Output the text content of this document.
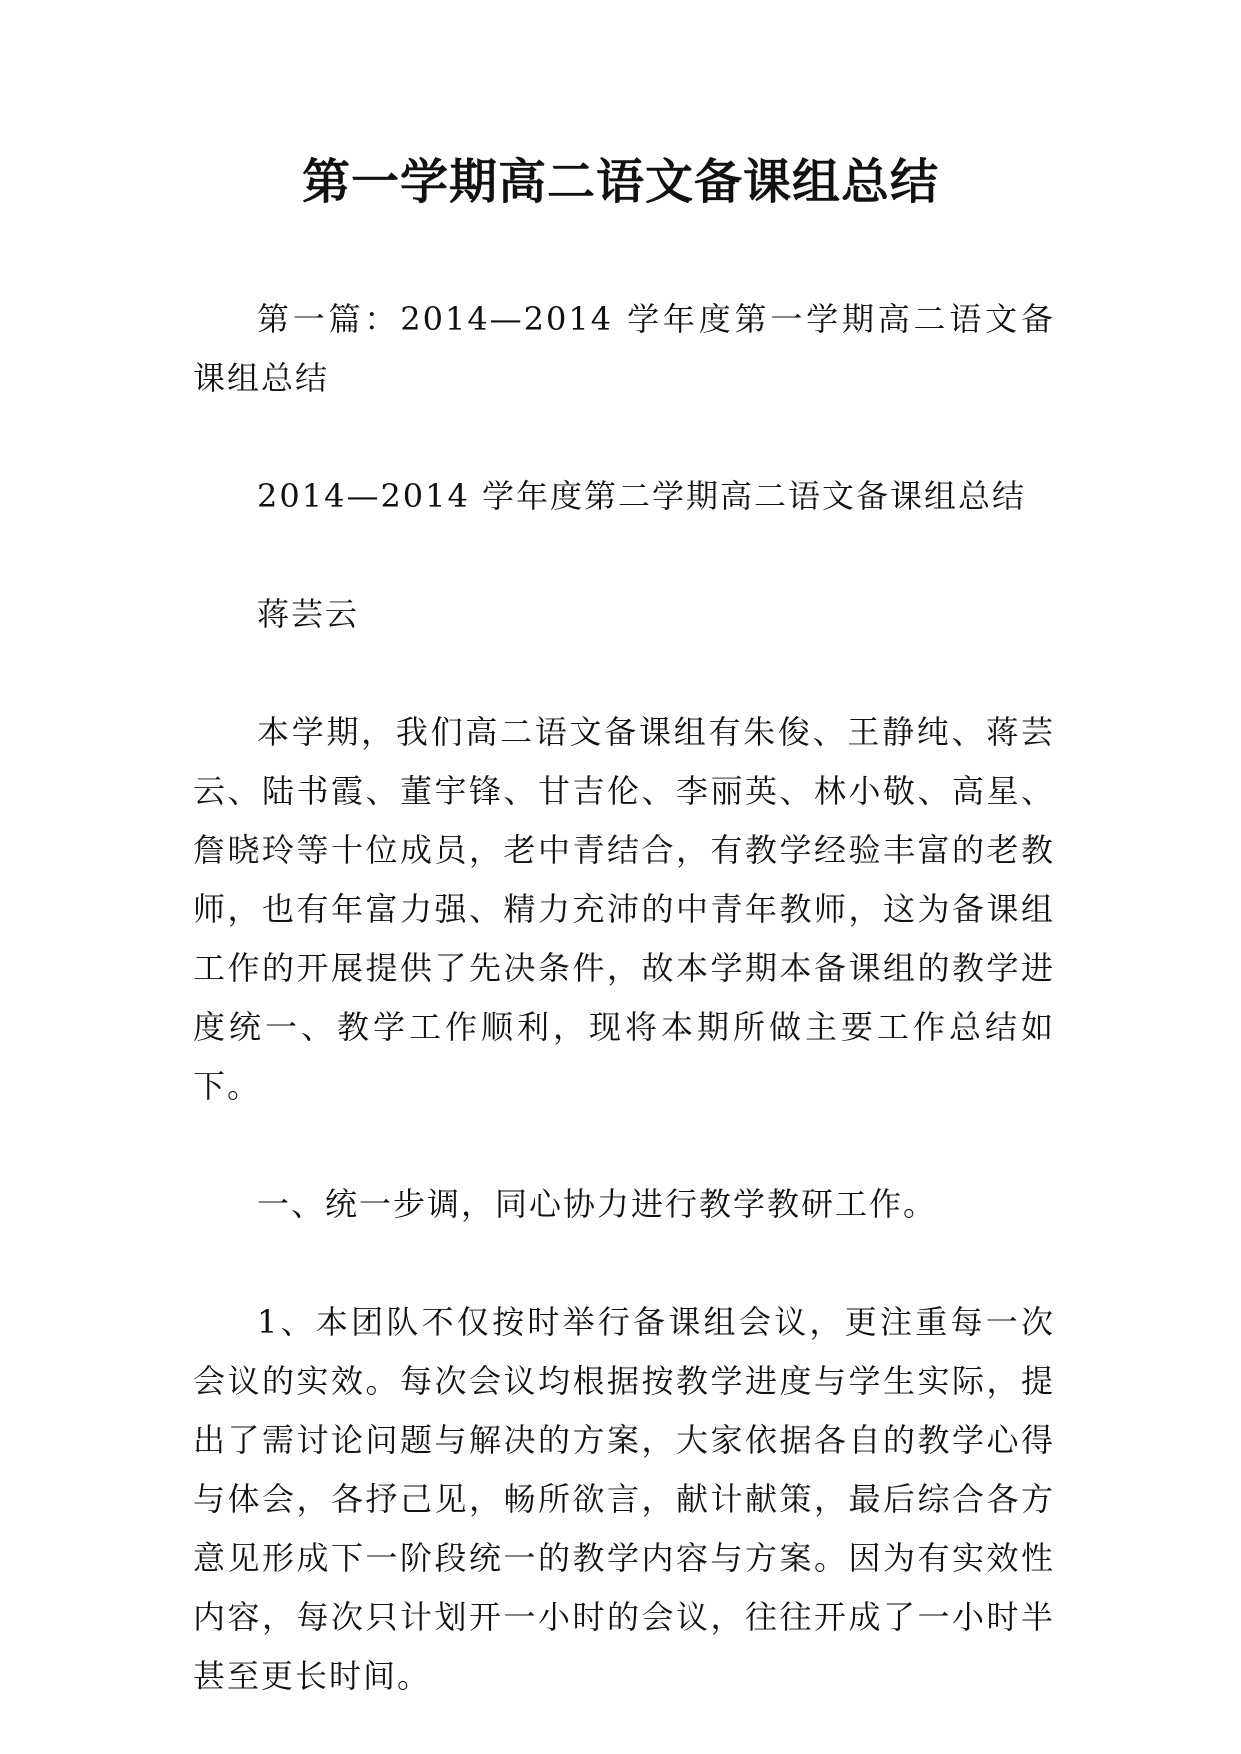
第一学期高二语文备课组总结

第一篇：2014—2014 学年度第一学期高二语文备课组总结

2014—2014 学年度第二学期高二语文备课组总结

蒋芸云

本学期，我们高二语文备课组有朱俊、王静纯、蒋芸云、陆书霞、董宇锋、甘吉伦、李丽英、林小敬、高星、詹晓玲等十位成员，老中青结合，有教学经验丰富的老教师，也有年富力强、精力充沛的中青年教师，这为备课组工作的开展提供了先决条件，故本学期本备课组的教学进度统一、教学工作顺利，现将本期所做主要工作总结如下。

一、统一步调，同心协力进行教学教研工作。

1、本团队不仅按时举行备课组会议，更注重每一次会议的实效。每次会议均根据按教学进度与学生实际，提出了需讨论问题与解决的方案，大家依据各自的教学心得与体会，各抒己见，畅所欲言，献计献策，最后综合各方意见形成下一阶段统一的教学内容与方案。因为有实效性内容，每次只计划开一小时的会议，往往开成了一小时半甚至更长时间。
